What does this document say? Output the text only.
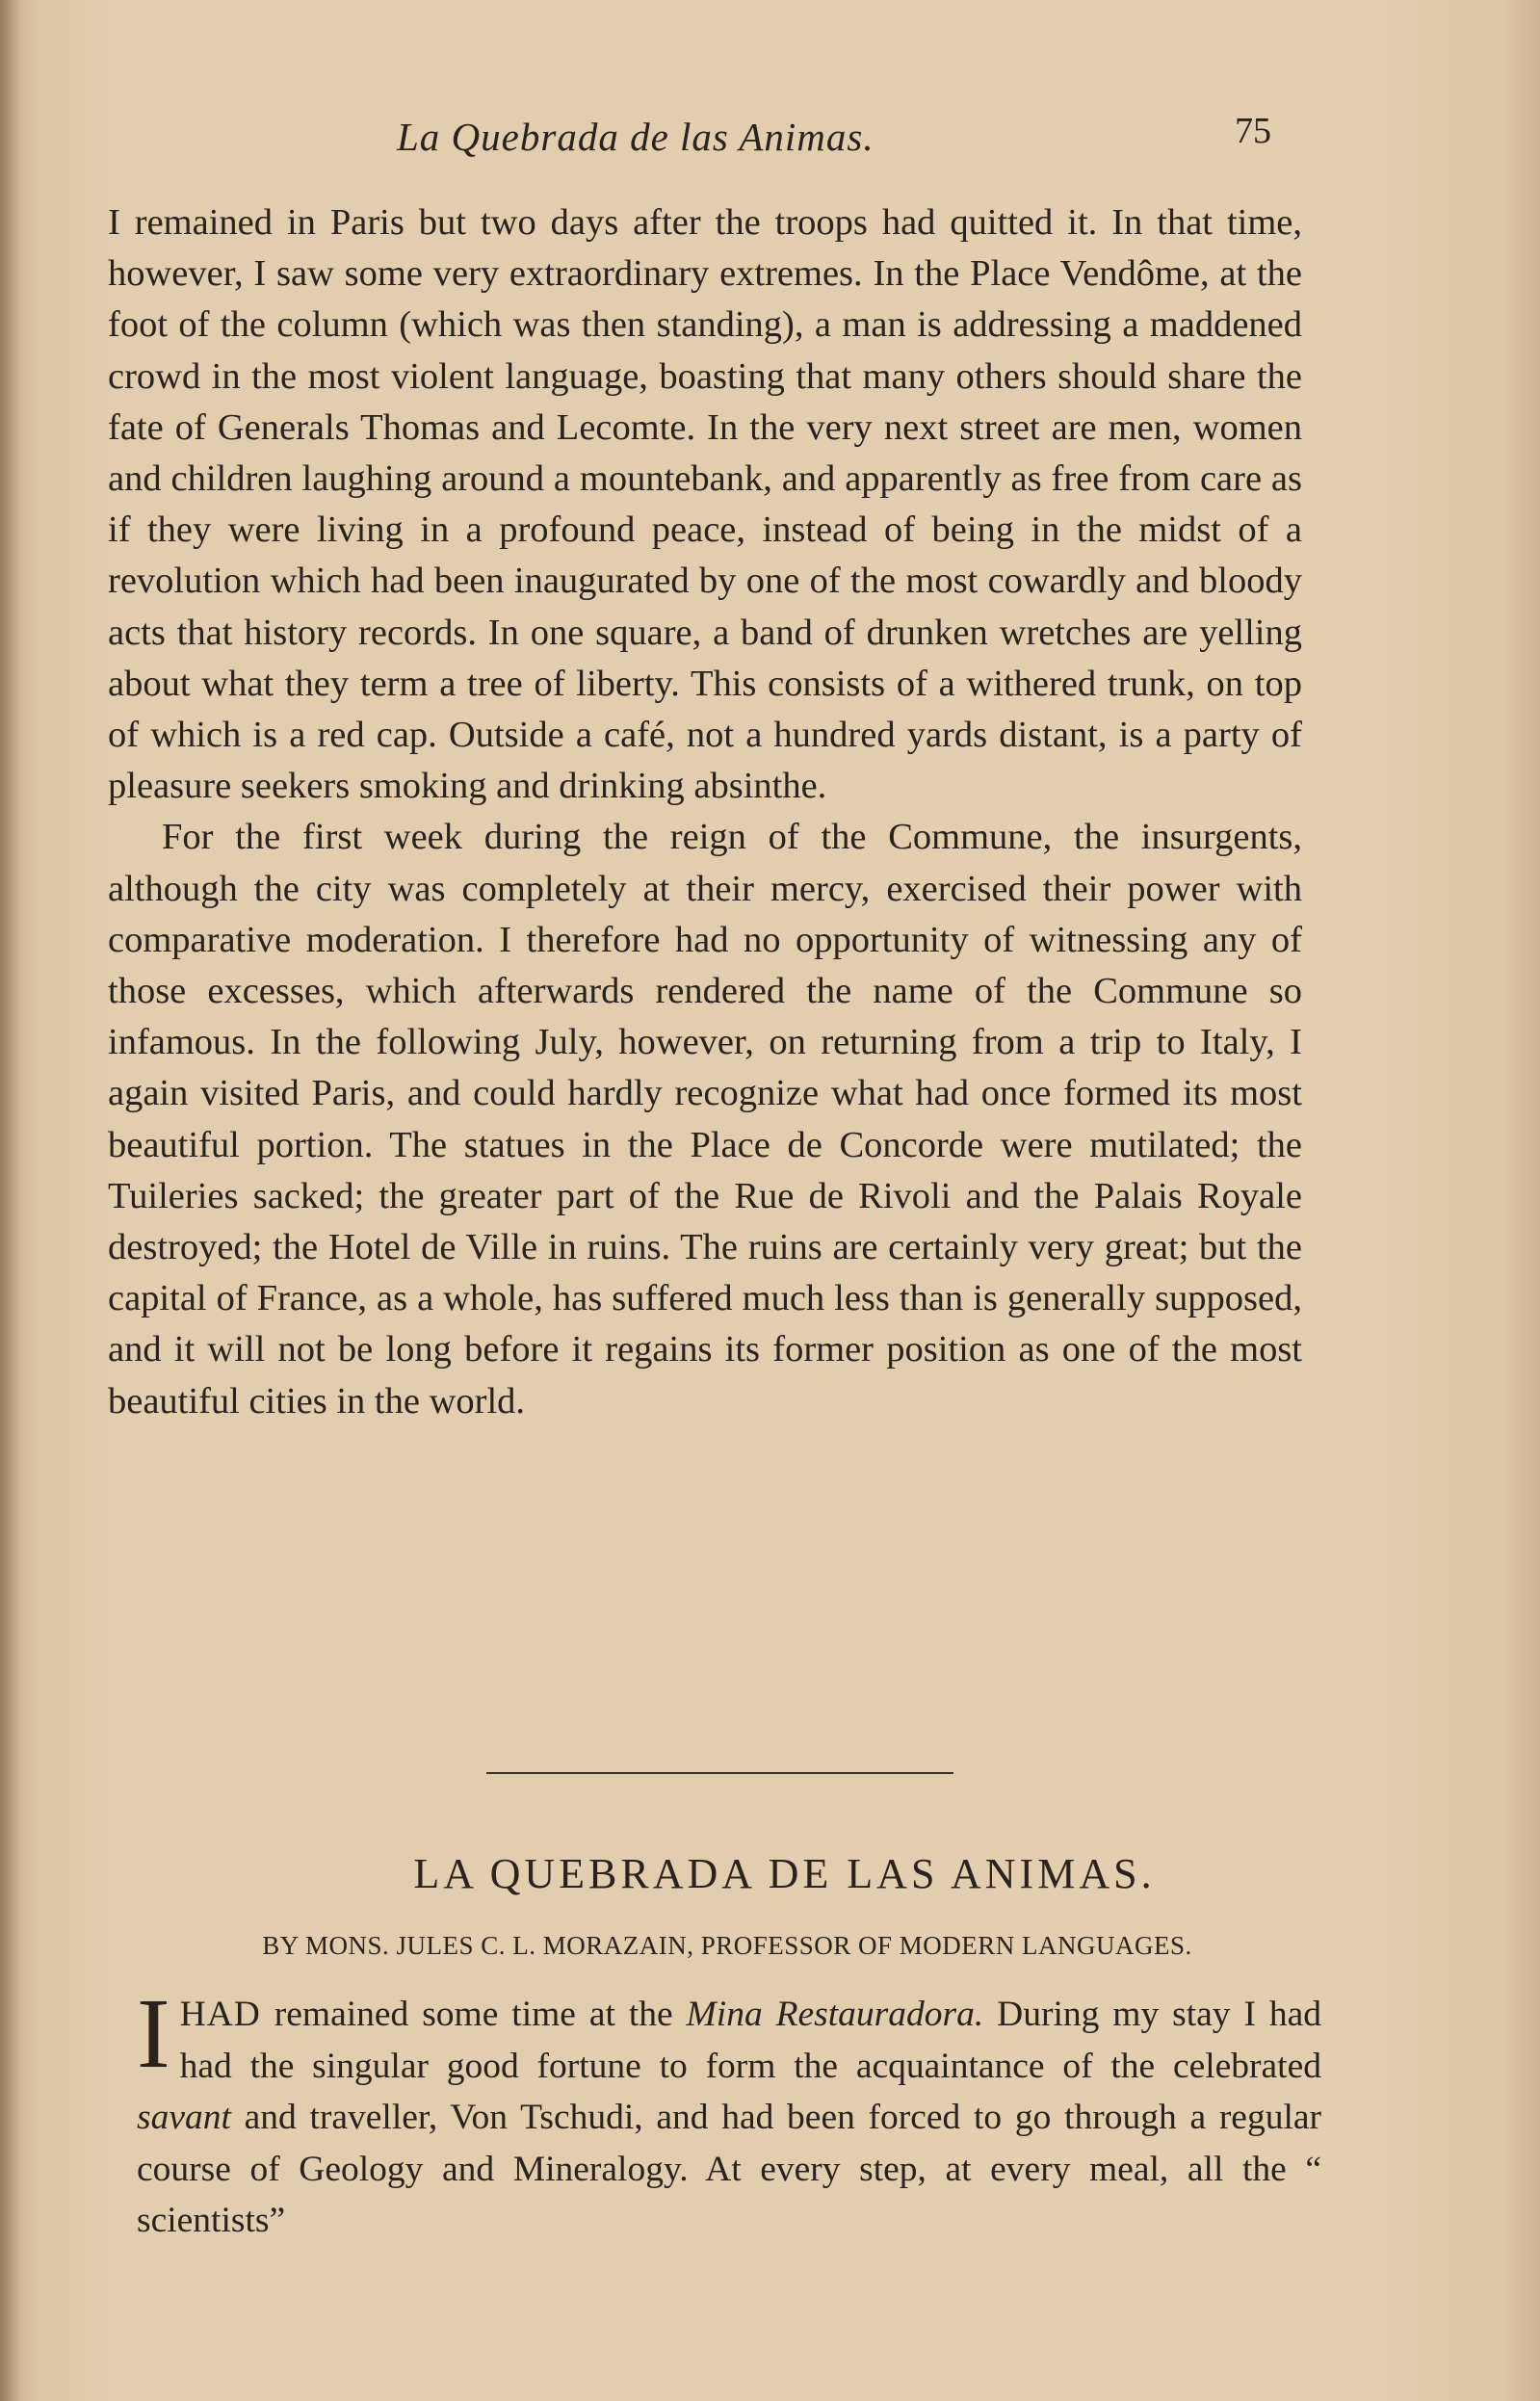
La Quebrada de las Animas.	75

I remained in Paris but two days after the troops had quitted it. In that time, however, I saw some very extraordinary extremes. In the Place Vendôme, at the foot of the column (which was then standing), a man is addressing a maddened crowd in the most violent language, boasting that many others should share the fate of Generals Thomas and Lecomte. In the very next street are men, women and children laughing around a mountebank, and apparently as free from care as if they were living in a profound peace, instead of being in the midst of a revolution which had been inaugurated by one of the most cowardly and bloody acts that history records. In one square, a band of drunken wretches are yelling about what they term a tree of liberty. This consists of a withered trunk, on top of which is a red cap. Outside a café, not a hundred yards distant, is a party of pleasure seekers smoking and drinking absinthe.

For the first week during the reign of the Commune, the insurgents, although the city was completely at their mercy, exercised their power with comparative moderation. I therefore had no opportunity of witnessing any of those excesses, which afterwards rendered the name of the Commune so infamous. In the following July, however, on returning from a trip to Italy, I again visited Paris, and could hardly recognize what had once formed its most beautiful portion. The statues in the Place de Concorde were mutilated; the Tuileries sacked; the greater part of the Rue de Rivoli and the Palais Royale destroyed; the Hotel de Ville in ruins. The ruins are certainly very great; but the capital of France, as a whole, has suffered much less than is generally supposed, and it will not be long before it regains its former position as one of the most beautiful cities in the world.

LA QUEBRADA DE LAS ANIMAS.
BY MONS. JULES C. L. MORAZAIN, PROFESSOR OF MODERN LANGUAGES.
I HAD remained some time at the Mina Restauradora. During my stay I had had the singular good fortune to form the acquaintance of the celebrated savant and traveller, Von Tschudi, and had been forced to go through a regular course of Geology and Mineralogy. At every step, at every meal, all the “ scientists”
